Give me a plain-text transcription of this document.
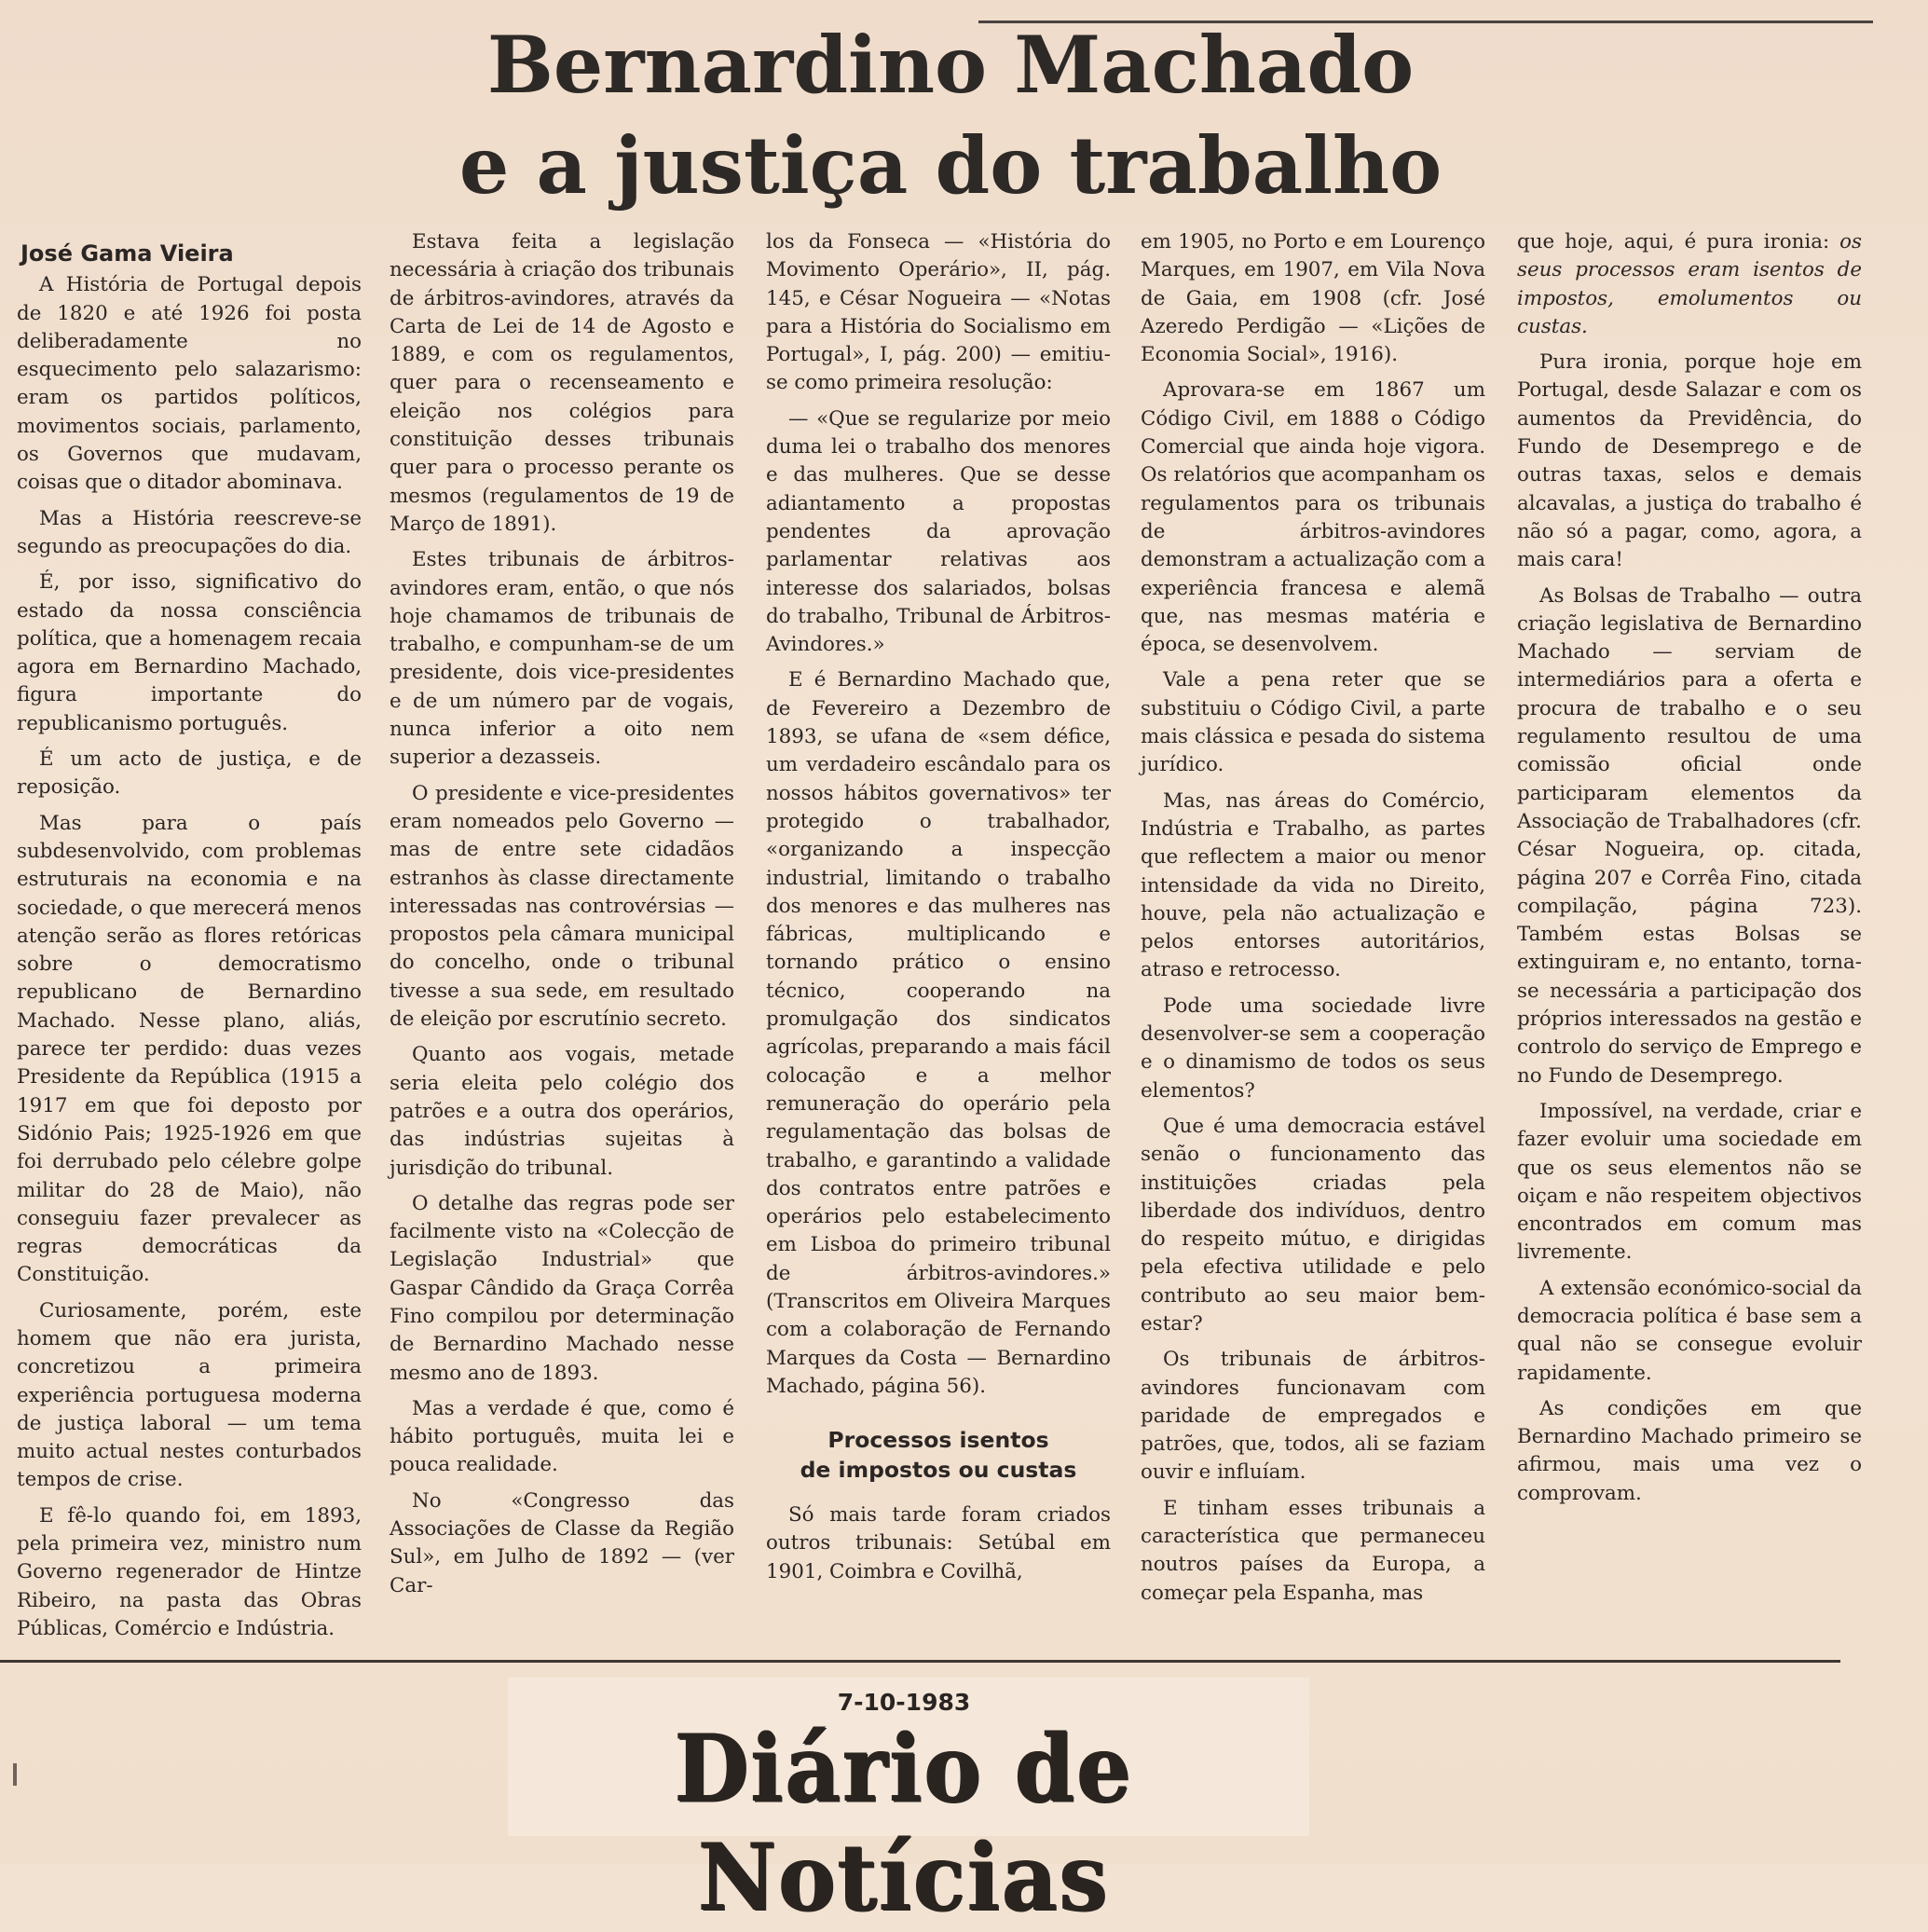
Bernardino Machado
e a justiça do trabalho
José Gama Vieira

A História de Portugal depois de 1820 e até 1926 foi posta deliberadamente no esquecimento pelo salazarismo: eram os partidos políticos, movimentos sociais, parlamento, os Governos que mudavam, coisas que o ditador abominava.

Mas a História reescreve-se segundo as preocupações do dia.

É, por isso, significativo do estado da nossa consciência política, que a homenagem recaia agora em Bernardino Machado, figura importante do republicanismo português.

É um acto de justiça, e de reposição.

Mas para o país subdesenvolvido, com problemas estruturais na economia e na sociedade, o que merecerá menos atenção serão as flores retóricas sobre o democratismo republicano de Bernardino Machado. Nesse plano, aliás, parece ter perdido: duas vezes Presidente da República (1915 a 1917 em que foi deposto por Sidónio Pais; 1925-1926 em que foi derrubado pelo célebre golpe militar do 28 de Maio), não conseguiu fazer prevalecer as regras democráticas da Constituição.

Curiosamente, porém, este homem que não era jurista, concretizou a primeira experiência portuguesa moderna de justiça laboral — um tema muito actual nestes conturbados tempos de crise.

E fê-lo quando foi, em 1893, pela primeira vez, ministro num Governo regenerador de Hintze Ribeiro, na pasta das Obras Públicas, Comércio e Indústria.

Estava feita a legislação necessária à criação dos tribunais de árbitros-avindores, através da Carta de Lei de 14 de Agosto e 1889, e com os regulamentos, quer para o recenseamento e eleição nos colégios para constituição desses tribunais quer para o processo perante os mesmos (regulamentos de 19 de Março de 1891).

Estes tribunais de árbitros-avindores eram, então, o que nós hoje chamamos de tribunais de trabalho, e compunham-se de um presidente, dois vice-presidentes e de um número par de vogais, nunca inferior a oito nem superior a dezasseis.

O presidente e vice-presidentes eram nomeados pelo Governo — mas de entre sete cidadãos estranhos às classe directamente interessadas nas controvérsias — propostos pela câmara municipal do concelho, onde o tribunal tivesse a sua sede, em resultado de eleição por escrutínio secreto.

Quanto aos vogais, metade seria eleita pelo colégio dos patrões e a outra dos operários, das indústrias sujeitas à jurisdição do tribunal.

O detalhe das regras pode ser facilmente visto na «Colecção de Legislação Industrial» que Gaspar Cândido da Graça Corrêa Fino compilou por determinação de Bernardino Machado nesse mesmo ano de 1893.

Mas a verdade é que, como é hábito português, muita lei e pouca realidade.

No «Congresso das Associações de Classe da Região Sul», em Julho de 1892 — (ver Car-

los da Fonseca — «História do Movimento Operário», II, pág. 145, e César Nogueira — «Notas para a História do Socialismo em Portugal», I, pág. 200) — emitiu-se como primeira resolução:

— «Que se regularize por meio duma lei o trabalho dos menores e das mulheres. Que se desse adiantamento a propostas pendentes da aprovação parlamentar relativas aos interesse dos salariados, bolsas do trabalho, Tribunal de Árbitros-Avindores.»

E é Bernardino Machado que, de Fevereiro a Dezembro de 1893, se ufana de «sem défice, um verdadeiro escândalo para os nossos hábitos governativos» ter protegido o trabalhador, «organizando a inspecção industrial, limitando o trabalho dos menores e das mulheres nas fábricas, multiplicando e tornando prático o ensino técnico, cooperando na promulgação dos sindicatos agrícolas, preparando a mais fácil colocação e a melhor remuneração do operário pela regulamentação das bolsas de trabalho, e garantindo a validade dos contratos entre patrões e operários pelo estabelecimento em Lisboa do primeiro tribunal de árbitros-avindores.» (Transcritos em Oliveira Marques com a colaboração de Fernando Marques da Costa — Bernardino Machado, página 56).

Processos isentos
de impostos ou custas

Só mais tarde foram criados outros tribunais: Setúbal em 1901, Coimbra e Covilhã,

em 1905, no Porto e em Lourenço Marques, em 1907, em Vila Nova de Gaia, em 1908 (cfr. José Azeredo Perdigão — «Lições de Economia Social», 1916).

Aprovara-se em 1867 um Código Civil, em 1888 o Código Comercial que ainda hoje vigora. Os relatórios que acompanham os regulamentos para os tribunais de árbitros-avindores demonstram a actualização com a experiência francesa e alemã que, nas mesmas matéria e época, se desenvolvem.

Vale a pena reter que se substituiu o Código Civil, a parte mais clássica e pesada do sistema jurídico.

Mas, nas áreas do Comércio, Indústria e Trabalho, as partes que reflectem a maior ou menor intensidade da vida no Direito, houve, pela não actualização e pelos entorses autoritários, atraso e retrocesso.

Pode uma sociedade livre desenvolver-se sem a cooperação e o dinamismo de todos os seus elementos?

Que é uma democracia estável senão o funcionamento das instituições criadas pela liberdade dos indivíduos, dentro do respeito mútuo, e dirigidas pela efectiva utilidade e pelo contributo ao seu maior bem-estar?

Os tribunais de árbitros-avindores funcionavam com paridade de empregados e patrões, que, todos, ali se faziam ouvir e influíam.

E tinham esses tribunais a característica que permaneceu noutros países da Europa, a começar pela Espanha, mas

que hoje, aqui, é pura ironia: os seus processos eram isentos de impostos, emolumentos ou custas.

Pura ironia, porque hoje em Portugal, desde Salazar e com os aumentos da Previdência, do Fundo de Desemprego e de outras taxas, selos e demais alcavalas, a justiça do trabalho é não só a pagar, como, agora, a mais cara!

As Bolsas de Trabalho — outra criação legislativa de Bernardino Machado — serviam de intermediários para a oferta e procura de trabalho e o seu regulamento resultou de uma comissão oficial onde participaram elementos da Associação de Trabalhadores (cfr. César Nogueira, op. citada, página 207 e Corrêa Fino, citada compilação, página 723). Também estas Bolsas se extinguiram e, no entanto, torna-se necessária a participação dos próprios interessados na gestão e controlo do serviço de Emprego e no Fundo de Desemprego.

Impossível, na verdade, criar e fazer evoluir uma sociedade em que os seus elementos não se oiçam e não respeitem objectivos encontrados em comum mas livremente.

A extensão económico-social da democracia política é base sem a qual não se consegue evoluir rapidamente.

As condições em que Bernardino Machado primeiro se afirmou, mais uma vez o comprovam.

7-10-1983
Diário de Notícias
